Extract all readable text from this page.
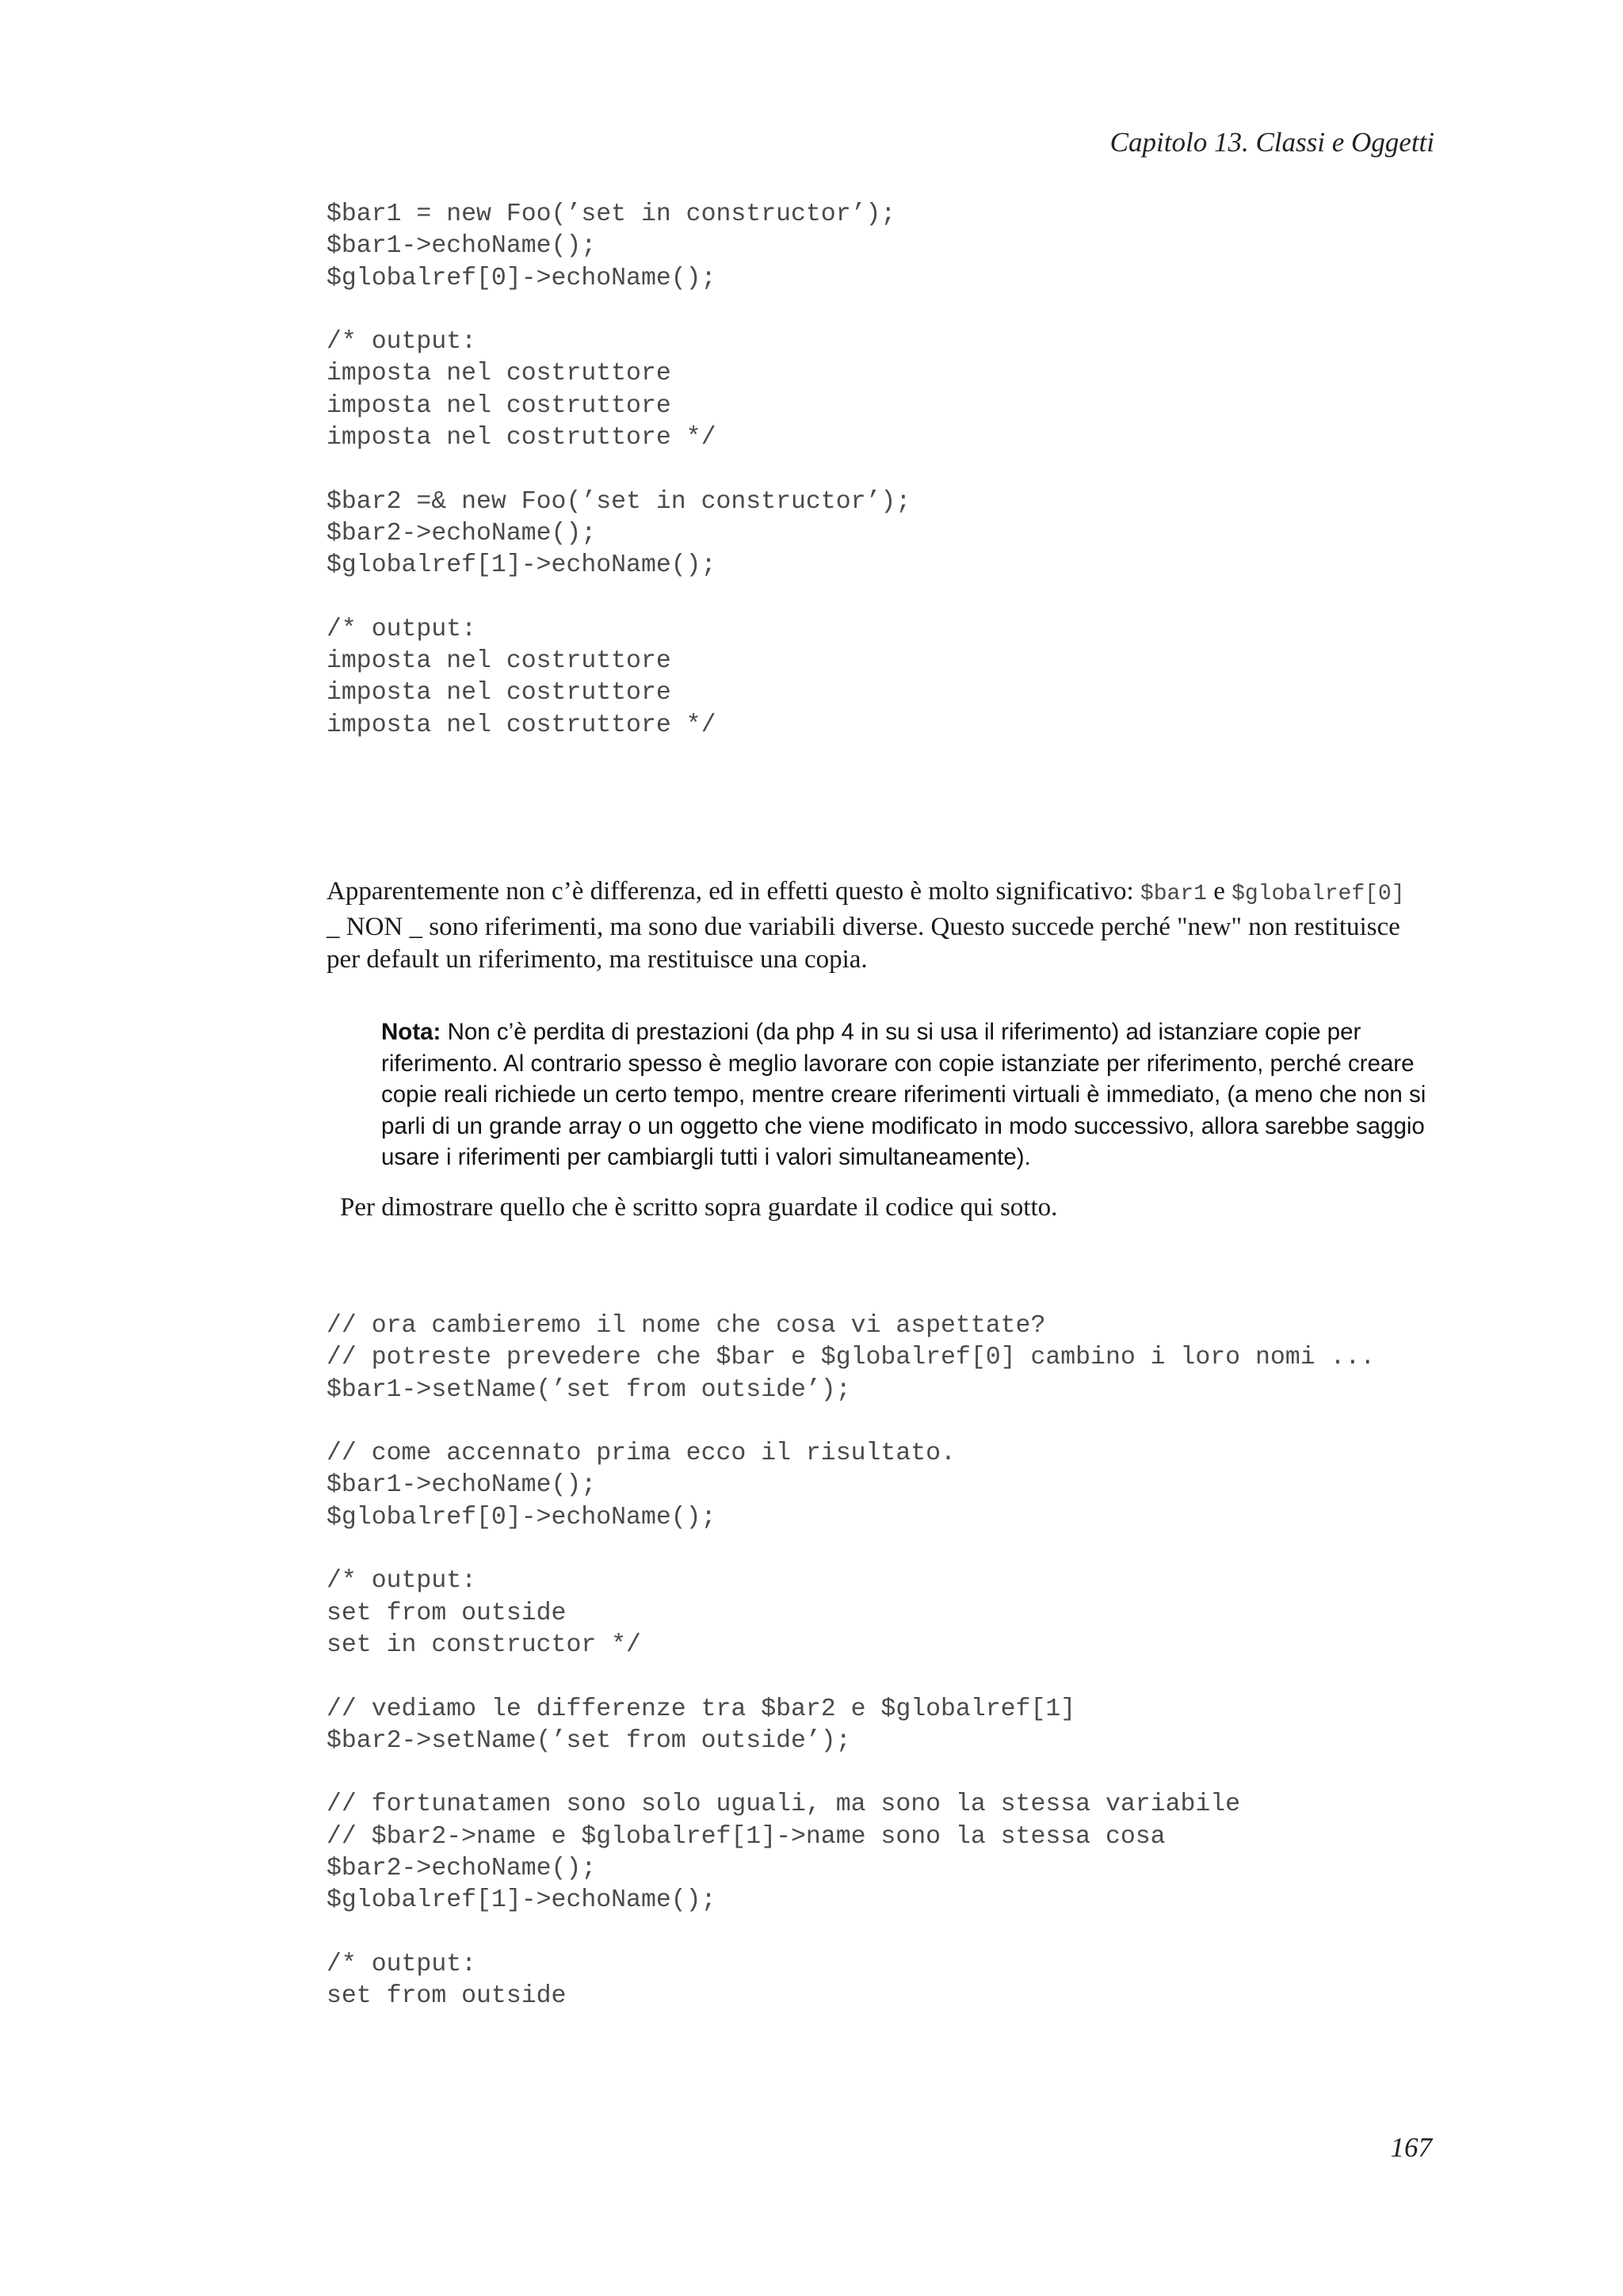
Capitolo 13. Classi e Oggetti

$bar1 = new Foo(’set in constructor’);
$bar1->echoName();
$globalref[0]->echoName();

/* output:
imposta nel costruttore
imposta nel costruttore
imposta nel costruttore */

$bar2 =& new Foo(’set in constructor’);
$bar2->echoName();
$globalref[1]->echoName();

/* output:
imposta nel costruttore
imposta nel costruttore
imposta nel costruttore */

Apparentemente non c’è differenza, ed in effetti questo è molto significativo: $bar1 e $globalref[0] _ NON _ sono riferimenti, ma sono due variabili diverse. Questo succede perché "new" non restituisce per default un riferimento, ma restituisce una copia.

Nota: Non c’è perdita di prestazioni (da php 4 in su si usa il riferimento) ad istanziare copie per riferimento. Al contrario spesso è meglio lavorare con copie istanziate per riferimento, perché creare copie reali richiede un certo tempo, mentre creare riferimenti virtuali è immediato, (a meno che non si parli di un grande array o un oggetto che viene modificato in modo successivo, allora sarebbe saggio usare i riferimenti per cambiargli tutti i valori simultaneamente).

Per dimostrare quello che è scritto sopra guardate il codice qui sotto.

// ora cambieremo il nome che cosa vi aspettate?
// potreste prevedere che $bar e $globalref[0] cambino i loro nomi ...
$bar1->setName(’set from outside’);

// come accennato prima ecco il risultato.
$bar1->echoName();
$globalref[0]->echoName();

/* output:
set from outside
set in constructor */

// vediamo le differenze tra $bar2 e $globalref[1]
$bar2->setName(’set from outside’);

// fortunatamen sono solo uguali, ma sono la stessa variabile
// $bar2->name e $globalref[1]->name sono la stessa cosa
$bar2->echoName();
$globalref[1]->echoName();

/* output:
set from outside

167
